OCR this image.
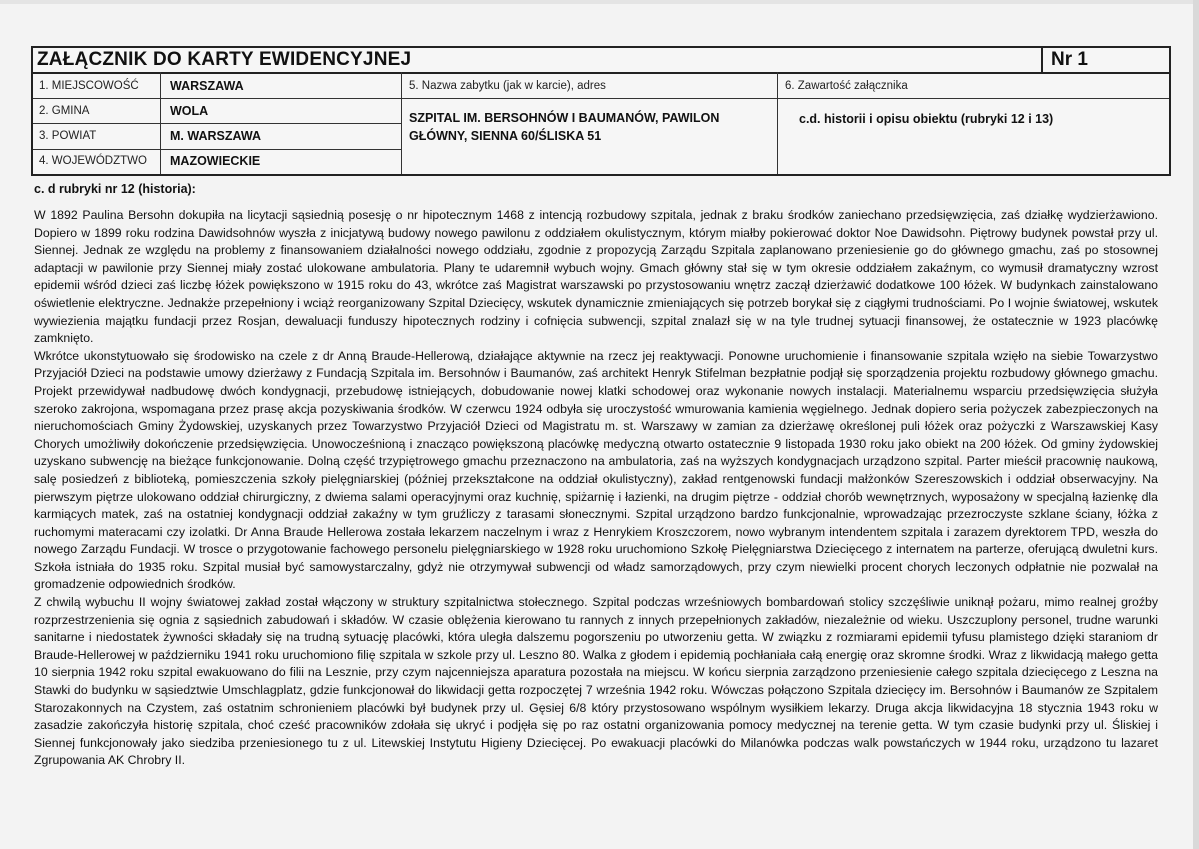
ZAŁĄCZNIK DO KARTY EWIDENCYJNEJ	Nr 1
1. MIEJSCOWOŚĆ	WARSZAWA
2. GMINA	WOLA
3. POWIAT	M. WARSZAWA
4. WOJEWÓDZTWO MAZOWIECKIE
5. Nazwa zabytku (jak w karcie), adres
SZPITAL IM. BERSOHNÓW I BAUMANÓW, PAWILON GŁÓWNY, SIENNA 60/ŚLISKA 51
6. Zawartość załącznika
c.d. historii i opisu obiektu (rubryki 12 i 13)
c. d rubryki nr 12 (historia):

W 1892 Paulina Bersohn dokupiła na licytacji sąsiednią posesję o nr hipotecznym 1468 z intencją rozbudowy szpitala, jednak z braku środków zaniechano przedsięwzięcia, zaś działkę wydzierżawiono. Dopiero w 1899 roku rodzina Dawidsohnów wyszła z inicjatywą budowy nowego pawilonu z oddziałem okulistycznym, którym miałby pokierować doktor Noe Dawidsohn. Piętrowy budynek powstał przy ul. Siennej. Jednak ze względu na problemy z finansowaniem działalności nowego oddziału, zgodnie z propozycją Zarządu Szpitala zaplanowano przeniesienie go do głównego gmachu, zaś po stosownej adaptacji w pawilonie przy Siennej miały zostać ulokowane ambulatoria. Plany te udaremnił wybuch wojny. Gmach główny stał się w tym okresie oddziałem zakaźnym, co wymusił dramatyczny wzrost epidemii wśród dzieci zaś liczbę łóżek powiększono w 1915 roku do 43, wkrótce zaś Magistrat warszawski po przystosowaniu wnętrz zaczął dzierżawić dodatkowe 100 łóżek. W budynkach zainstalowano oświetlenie elektryczne. Jednakże przepełniony i wciąż reorganizowany Szpital Dziecięcy, wskutek dynamicznie zmieniających się potrzeb borykał się z ciągłymi trudnościami. Po I wojnie światowej, wskutek wywiezienia majątku fundacji przez Rosjan, dewaluacji funduszy hipotecznych rodziny i cofnięcia subwencji, szpital znalazł się w na tyle trudnej sytuacji finansowej, że ostatecznie w 1923 placówkę zamknięto.

Wkrótce ukonstytuowało się środowisko na czele z dr Anną Braude-Hellerową, działające aktywnie na rzecz jej reaktywacji. Ponowne uruchomienie i finansowanie szpitala wzięło na siebie Towarzystwo Przyjaciół Dzieci na podstawie umowy dzierżawy z Fundacją Szpitala im. Bersohnów i Baumanów, zaś architekt Henryk Stifelman bezpłatnie podjął się sporządzenia projektu rozbudowy głównego gmachu. Projekt przewidywał nadbudowę dwóch kondygnacji, przebudowę istniejących, dobudowanie nowej klatki schodowej oraz wykonanie nowych instalacji. Materialnemu wsparciu przedsięwzięcia służyła szeroko zakrojona, wspomagana przez prasę akcja pozyskiwania środków. W czerwcu 1924 odbyła się uroczystość wmurowania kamienia węgielnego. Jednak dopiero seria pożyczek zabezpieczonych na nieruchomościach Gminy Żydowskiej, uzyskanych przez Towarzystwo Przyjaciół Dzieci od Magistratu m. st. Warszawy w zamian za dzierżawę określonej puli łóżek oraz pożyczki z Warszawskiej Kasy Chorych umożliwiły dokończenie przedsięwzięcia. Unowocześnioną i znacząco powiększoną placówkę medyczną otwarto ostatecznie 9 listopada 1930 roku jako obiekt na 200 łóżek. Od gminy żydowskiej uzyskano subwencję na bieżące funkcjonowanie. Dolną część trzypiętrowego gmachu przeznaczono na ambulatoria, zaś na wyższych kondygnacjach urządzono szpital. Parter mieścił pracownię naukową, salę posiedzeń z biblioteką, pomieszczenia szkoły pielęgniarskiej (później przekształcone na oddział okulistyczny), zakład rentgenowski fundacji małżonków Szereszowskich i oddział obserwacyjny. Na pierwszym piętrze ulokowano oddział chirurgiczny, z dwiema salami operacyjnymi oraz kuchnię, spiżarnię i łazienki, na drugim piętrze - oddział chorób wewnętrznych, wyposażony w specjalną łazienkę dla karmiących matek, zaś na ostatniej kondygnacji oddział zakaźny w tym gruźliczy z tarasami słonecznymi. Szpital urządzono bardzo funkcjonalnie, wprowadzając przezroczyste szklane ściany, łóżka z ruchomymi materacami czy izolatki. Dr Anna Braude Hellerowa została lekarzem naczelnym i wraz z Henrykiem Kroszczorem, nowo wybranym intendentem szpitala i zarazem dyrektorem TPD, weszła do nowego Zarządu Fundacji. W trosce o przygotowanie fachowego personelu pielęgniarskiego w 1928 roku uruchomiono Szkołę Pielęgniarstwa Dziecięcego z internatem na parterze, oferującą dwuletni kurs. Szkoła istniała do 1935 roku. Szpital musiał być samowystarczalny, gdyż nie otrzymywał subwencji od władz samorządowych, przy czym niewielki procent chorych leczonych odpłatnie nie pozwalał na gromadzenie odpowiednich środków.

Z chwilą wybuchu II wojny światowej zakład został włączony w struktury szpitalnictwa stołecznego. Szpital podczas wrześniowych bombardowań stolicy szczęśliwie uniknął pożaru, mimo realnej groźby rozprzestrzenienia się ognia z sąsiednich zabudowań i składów. W czasie oblężenia kierowano tu rannych z innych przepełnionych zakładów, niezależnie od wieku. Uszczuplony personel, trudne warunki sanitarne i niedostatek żywności składały się na trudną sytuację placówki, która uległa dalszemu pogorszeniu po utworzeniu getta. W związku z rozmiarami epidemii tyfusu plamistego dzięki staraniom dr Braude-Hellerowej w październiku 1941 roku uruchomiono filię szpitala w szkole przy ul. Leszno 80. Walka z głodem i epidemią pochłaniała całą energię oraz skromne środki. Wraz z likwidacją małego getta 10 sierpnia 1942 roku szpital ewakuowano do filii na Lesznie, przy czym najcenniejsza aparatura pozostała na miejscu. W końcu sierpnia zarządzono przeniesienie całego szpitala dziecięcego z Leszna na Stawki do budynku w sąsiedztwie Umschlagplatz, gdzie funkcjonował do likwidacji getta rozpoczętej 7 września 1942 roku. Wówczas połączono Szpitala dziecięcy im. Bersohnów i Baumanów ze Szpitalem Starozakonnych na Czystem, zaś ostatnim schronieniem placówki był budynek przy ul. Gęsiej 6/8 który przystosowano wspólnym wysiłkiem lekarzy. Druga akcja likwidacyjna 18 stycznia 1943 roku w zasadzie zakończyła historię szpitala, choć cześć pracowników zdołała się ukryć i podjęła się po raz ostatni organizowania pomocy medycznej na terenie getta. W tym czasie budynki przy ul. Śliskiej i Siennej funkcjonowały jako siedziba przeniesionego tu z ul. Litewskiej Instytutu Higieny Dziecięcej. Po ewakuacji placówki do Milanówka podczas walk powstańczych w 1944 roku, urządzono tu lazaret Zgrupowania AK Chrobry II.
